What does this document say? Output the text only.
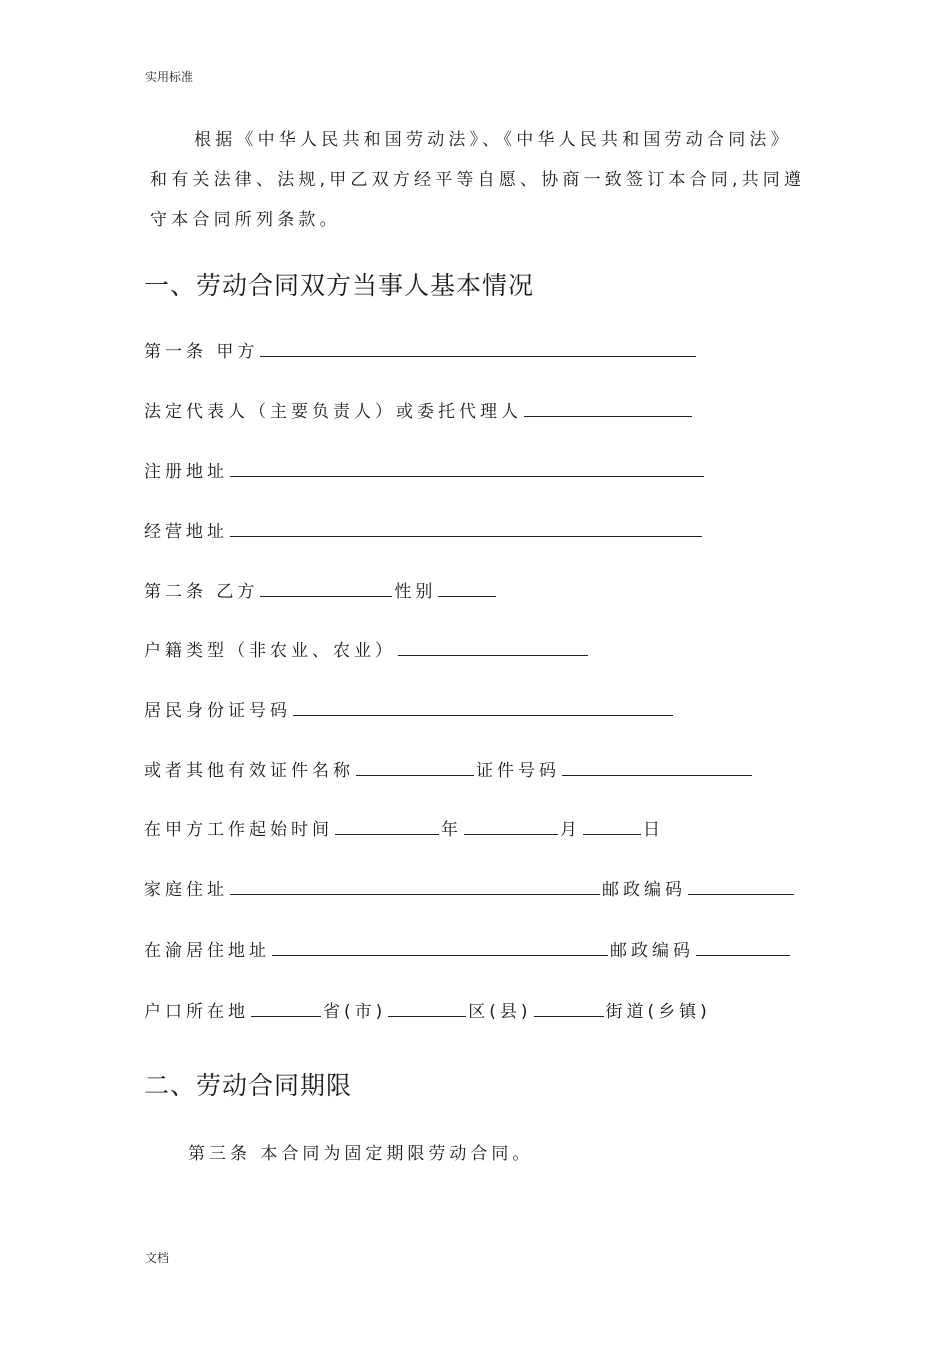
实用标准
根据《中华人民共和国劳动法》、《中华人民共和国劳动合同法》和有关法律、法规,甲乙双方经平等自愿、协商一致签订本合同,共同遵守本合同所列条款。
一、劳动合同双方当事人基本情况
第一条 甲方
法定代表人（主要负责人）或委托代理人
注册地址
经营地址
第二条 乙方	性别
户籍类型（非农业、农业）
居民身份证号码
或者其他有效证件名称	证件号码
在甲方工作起始时间	年	月	日
家庭住址	邮政编码
在渝居住地址	邮政编码
户口所在地	省(市)	区(县)	街道(乡镇)
二、劳动合同期限
第三条 本合同为固定期限劳动合同。
文档
